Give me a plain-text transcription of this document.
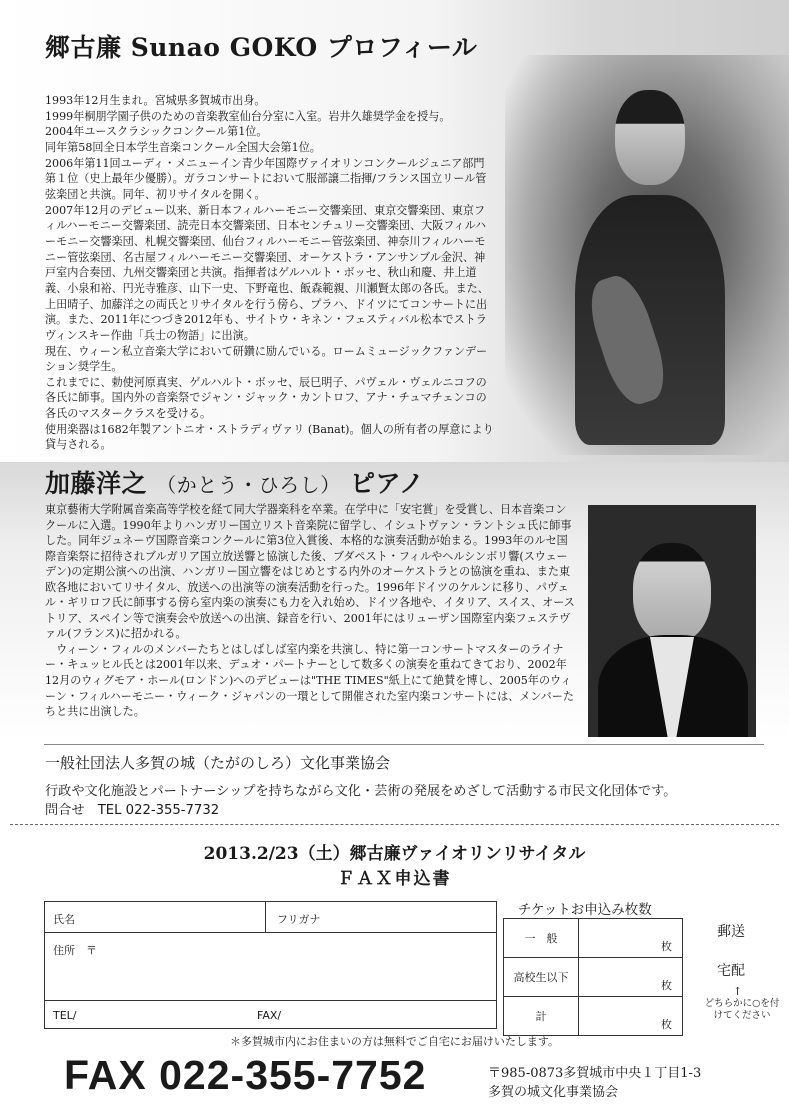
郷古廉 Sunao GOKO プロフィール

1993年12月生まれ。宮城県多賀城市出身。

1999年桐朋学園子供のための音楽教室仙台分室に入室。岩井久雄奨学金を授与。

2004年ユースクラシックコンクール第1位。

同年第58回全日本学生音楽コンクール全国大会第1位。

2006年第11回ユーディ・メニューイン青少年国際ヴァイオリンコンクールジュニア部門第１位（史上最年少優勝）。ガラコンサートにおいて服部譲二指揮/フランス国立リール管弦楽団と共演。同年、初リサイタルを開く。

2007年12月のデビュー以来、新日本フィルハーモニー交響楽団、東京交響楽団、東京フィルハーモニー交響楽団、読売日本交響楽団、日本センチュリー交響楽団、大阪フィルハーモニー交響楽団、札幌交響楽団、仙台フィルハーモニー管弦楽団、神奈川フィルハーモニー管弦楽団、名古屋フィルハーモニー交響楽団、オーケストラ・アンサンブル金沢、神戸室内合奏団、九州交響楽団と共演。指揮者はゲルハルト・ボッセ、秋山和慶、井上道義、小泉和裕、円光寺雅彦、山下一史、下野竜也、飯森範親、川瀬賢太郎の各氏。また、上田晴子、加藤洋之の両氏とリサイタルを行う傍ら、プラハ、ドイツにてコンサートに出演。また、2011年につづき2012年も、サイトウ・キネン・フェスティバル松本でストラヴィンスキー作曲「兵士の物語」に出演。

現在、ウィーン私立音楽大学において研鑽に励んでいる。ロームミュージックファンデーション奨学生。

これまでに、勅使河原真実、ゲルハルト・ボッセ、辰巳明子、パヴェル・ヴェルニコフの各氏に師事。国内外の音楽祭でジャン・ジャック・カントロフ、アナ・チュマチェンコの各氏のマスタークラスを受ける。

使用楽器は1682年製アントニオ・ストラディヴァリ (Banat)。個人の所有者の厚意により貸与される。

加藤洋之 （かとう・ひろし） ピアノ

東京藝術大学附属音楽高等学校を経て同大学器楽科を卒業。在学中に「安宅賞」を受賞し、日本音楽コンクールに入選。1990年よりハンガリー国立リスト音楽院に留学し、イシュトヴァン・ラントシュ氏に師事した。同年ジュネーヴ国際音楽コンクールに第3位入賞後、本格的な演奏活動が始まる。1993年のルセ国際音楽祭に招待されブルガリア国立放送響と協演した後、ブダペスト・フィルやヘルシンボリ響(スウェーデン)の定期公演への出演、ハンガリー国立響をはじめとする内外のオーケストラとの協演を重ね、また東欧各地においてリサイタル、放送への出演等の演奏活動を行った。1996年ドイツのケルンに移り、パヴェル・ギリロフ氏に師事する傍ら室内楽の演奏にも力を入れ始め、ドイツ各地や、イタリア、スイス、オーストリア、スペイン等で演奏会や放送への出演、録音を行い、2001年にはリューザン国際室内楽フェステヴァル(フランス)に招かれる。

ウィーン・フィルのメンバーたちとはしばしば室内楽を共演し、特に第一コンサートマスターのライナー・キュッヒル氏とは2001年以来、デュオ・パートナーとして数多くの演奏を重ねてきており、2002年12月のウィグモア・ホール(ロンドン)へのデビューは"THE TIMES"紙上にて絶賛を博し、2005年のウィーン・フィルハーモニー・ウィーク・ジャパンの一環として開催された室内楽コンサートには、メンバーたちと共に出演した。

一般社団法人多賀の城（たがのしろ）文化事業協会
行政や文化施設とパートナーシップを持ちながら文化・芸術の発展をめざして活動する市民文化団体です。
問合せ　TEL 022-355-7732
2013.2/23（土）郷古廉ヴァイオリンリサイタル
ＦＡＸ申込書
氏名	フリガナ
住所　〒
TEL/	FAX/
チケットお申込み枚数
一　般	枚
高校生以下	枚
計	枚
郵送
宅配
↑
どちらかに○を付けてください
＊多賀城市内にお住まいの方は無料でご自宅にお届けいたします。
FAX 022-355-7752	〒985-0873多賀城市中央１丁目1-3
多賀の城文化事業協会
